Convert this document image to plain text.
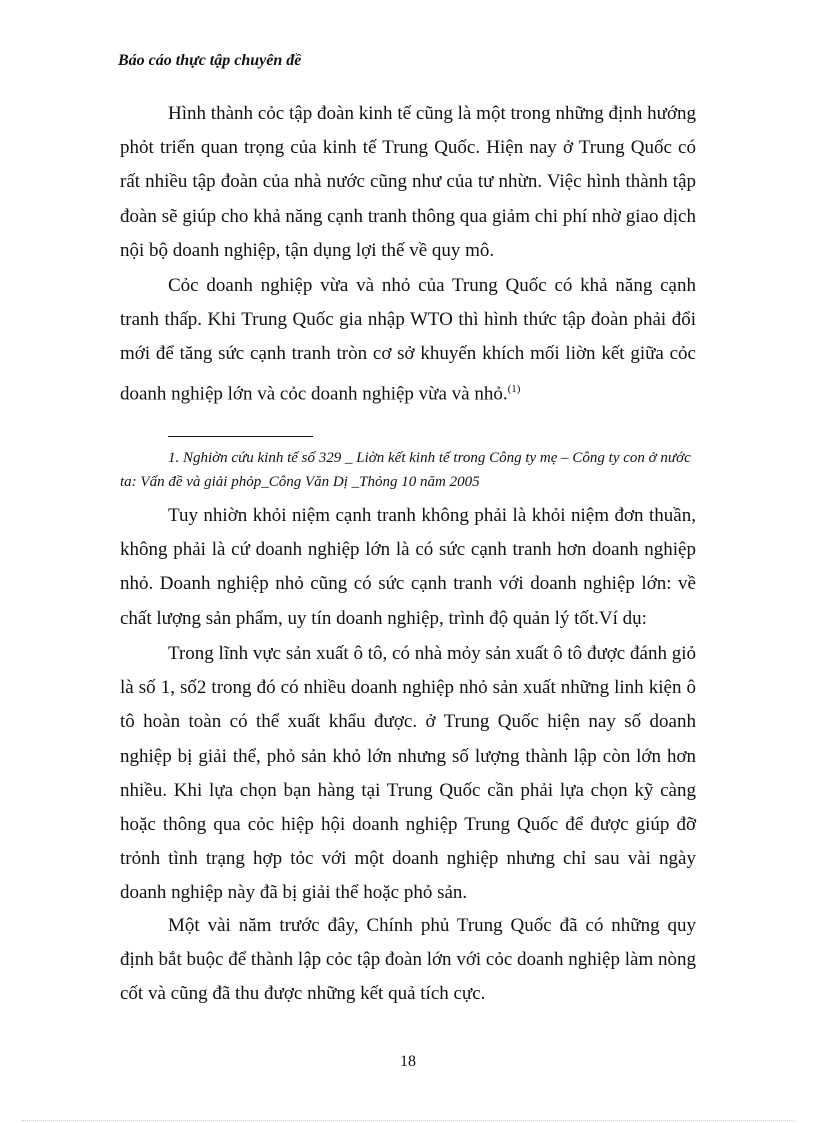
Báo cáo thực tập chuyên đề

Hình thành cỏc tập đoàn kinh tế cũng là một trong những định hướng phỏt triển quan trọng của kinh tế Trung Quốc. Hiện nay ở Trung Quốc có rất nhiều tập đoàn của nhà nước cũng như của tư nhừn. Việc hình thành tập đoàn sẽ giúp cho khả năng cạnh tranh thông qua giảm chi phí nhờ giao dịch nội bộ doanh nghiệp, tận dụng lợi thế về quy mô.

Cỏc doanh nghiệp vừa và nhỏ của Trung Quốc có khả năng cạnh tranh thấp. Khi Trung Quốc gia nhập WTO thì hình thức tập đoàn phải đổi mới để tăng sức cạnh tranh tròn cơ sở khuyến khích mối liờn kết giữa cỏc doanh nghiệp lớn và cỏc doanh nghiệp vừa và nhỏ.$^{(1)}$

1. Nghiờn cứu kinh tế số 329 _ Liờn kết kinh tế trong Công ty mẹ – Công ty con ở nước ta: Vấn đề và giải phỏp_Công Văn Dị _Thỏng 10 năm 2005

Tuy nhiờn khỏi niệm cạnh tranh không phải là khỏi niệm đơn thuần, không phải là cứ doanh nghiệp lớn là có sức cạnh tranh hơn doanh nghiệp nhỏ. Doanh nghiệp nhỏ cũng có sức cạnh tranh với doanh nghiệp lớn: về chất lượng sản phẩm, uy tín doanh nghiệp, trình độ quản lý tốt.Ví dụ:

Trong lĩnh vực sản xuất ô tô, có nhà mỏy sản xuất ô tô được đánh giỏ là số 1, số2 trong đó có nhiều doanh nghiệp nhỏ sản xuất những linh kiện ô tô hoàn toàn có thể xuất khẩu được. ở Trung Quốc hiện nay số doanh nghiệp bị giải thể, phỏ sản khỏ lớn nhưng số lượng thành lập còn lớn hơn nhiều. Khi lựa chọn bạn hàng tại Trung Quốc cần phải lựa chọn kỹ càng hoặc thông qua cỏc hiệp hội doanh nghiệp Trung Quốc để được giúp đỡ trỏnh tình trạng hợp tỏc với một doanh nghiệp nhưng chỉ sau vài ngày doanh nghiệp này đã bị giải thể hoặc phỏ sản.

Một vài năm trước đây, Chính phủ Trung Quốc đã có những quy định bắt buộc để thành lập cỏc tập đoàn lớn với cỏc doanh nghiệp làm nòng cốt và cũng đã thu được những kết quả tích cực.

18
